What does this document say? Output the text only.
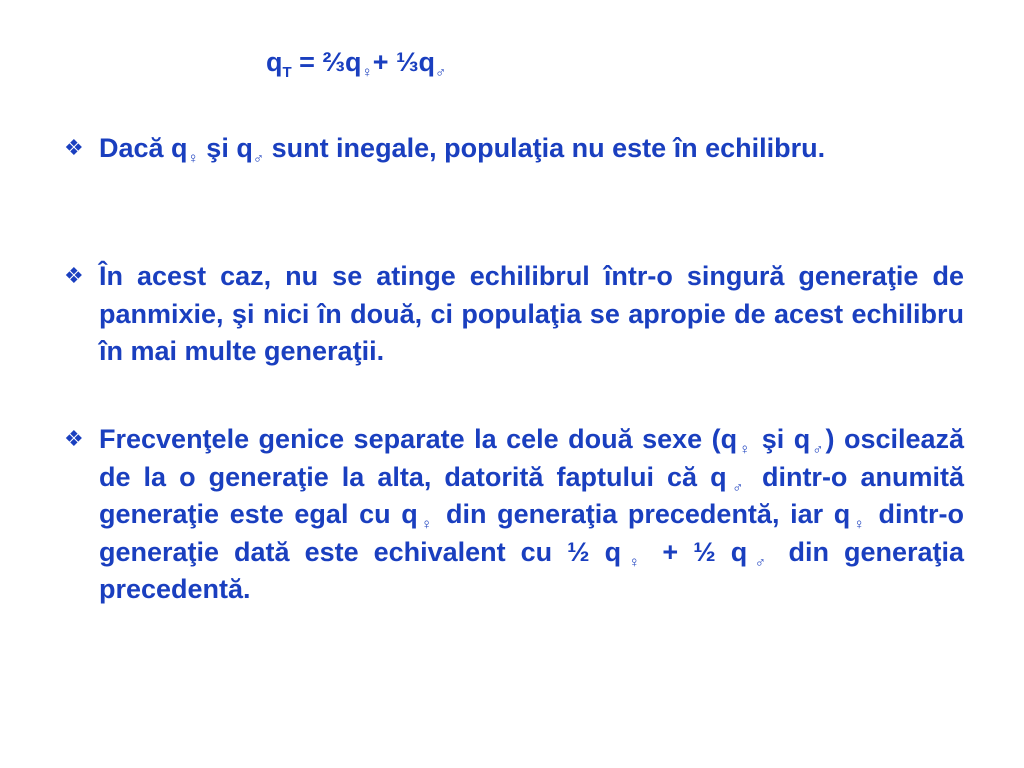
$q_T$ = $\frac{2}{3}q_♀+$ $\frac{1}{3}q_♂$
❖ Dacă $q_♀$ şi $q_♂$ sunt inegale, populaţia nu este în echilibru.
❖ În acest caz, nu se atinge echilibrul într-o singură generaţie de panmixie, şi nici în două, ci populaţia se apropie de acest echilibru în mai multe generaţii.
❖ Frecvenţele genice separate la cele două sexe ($q_♀$ şi $q_♂$) oscilează de la o generaţie la alta, datorită faptului că $q_♂$ dintr-o anumită generaţie este egal cu $q_♀$ din generaţia precedentă, iar $q_♀$ dintr-o generaţie dată este echivalent cu ½ $q_♀$ + ½ $q_♂$ din generaţia precedentă.
